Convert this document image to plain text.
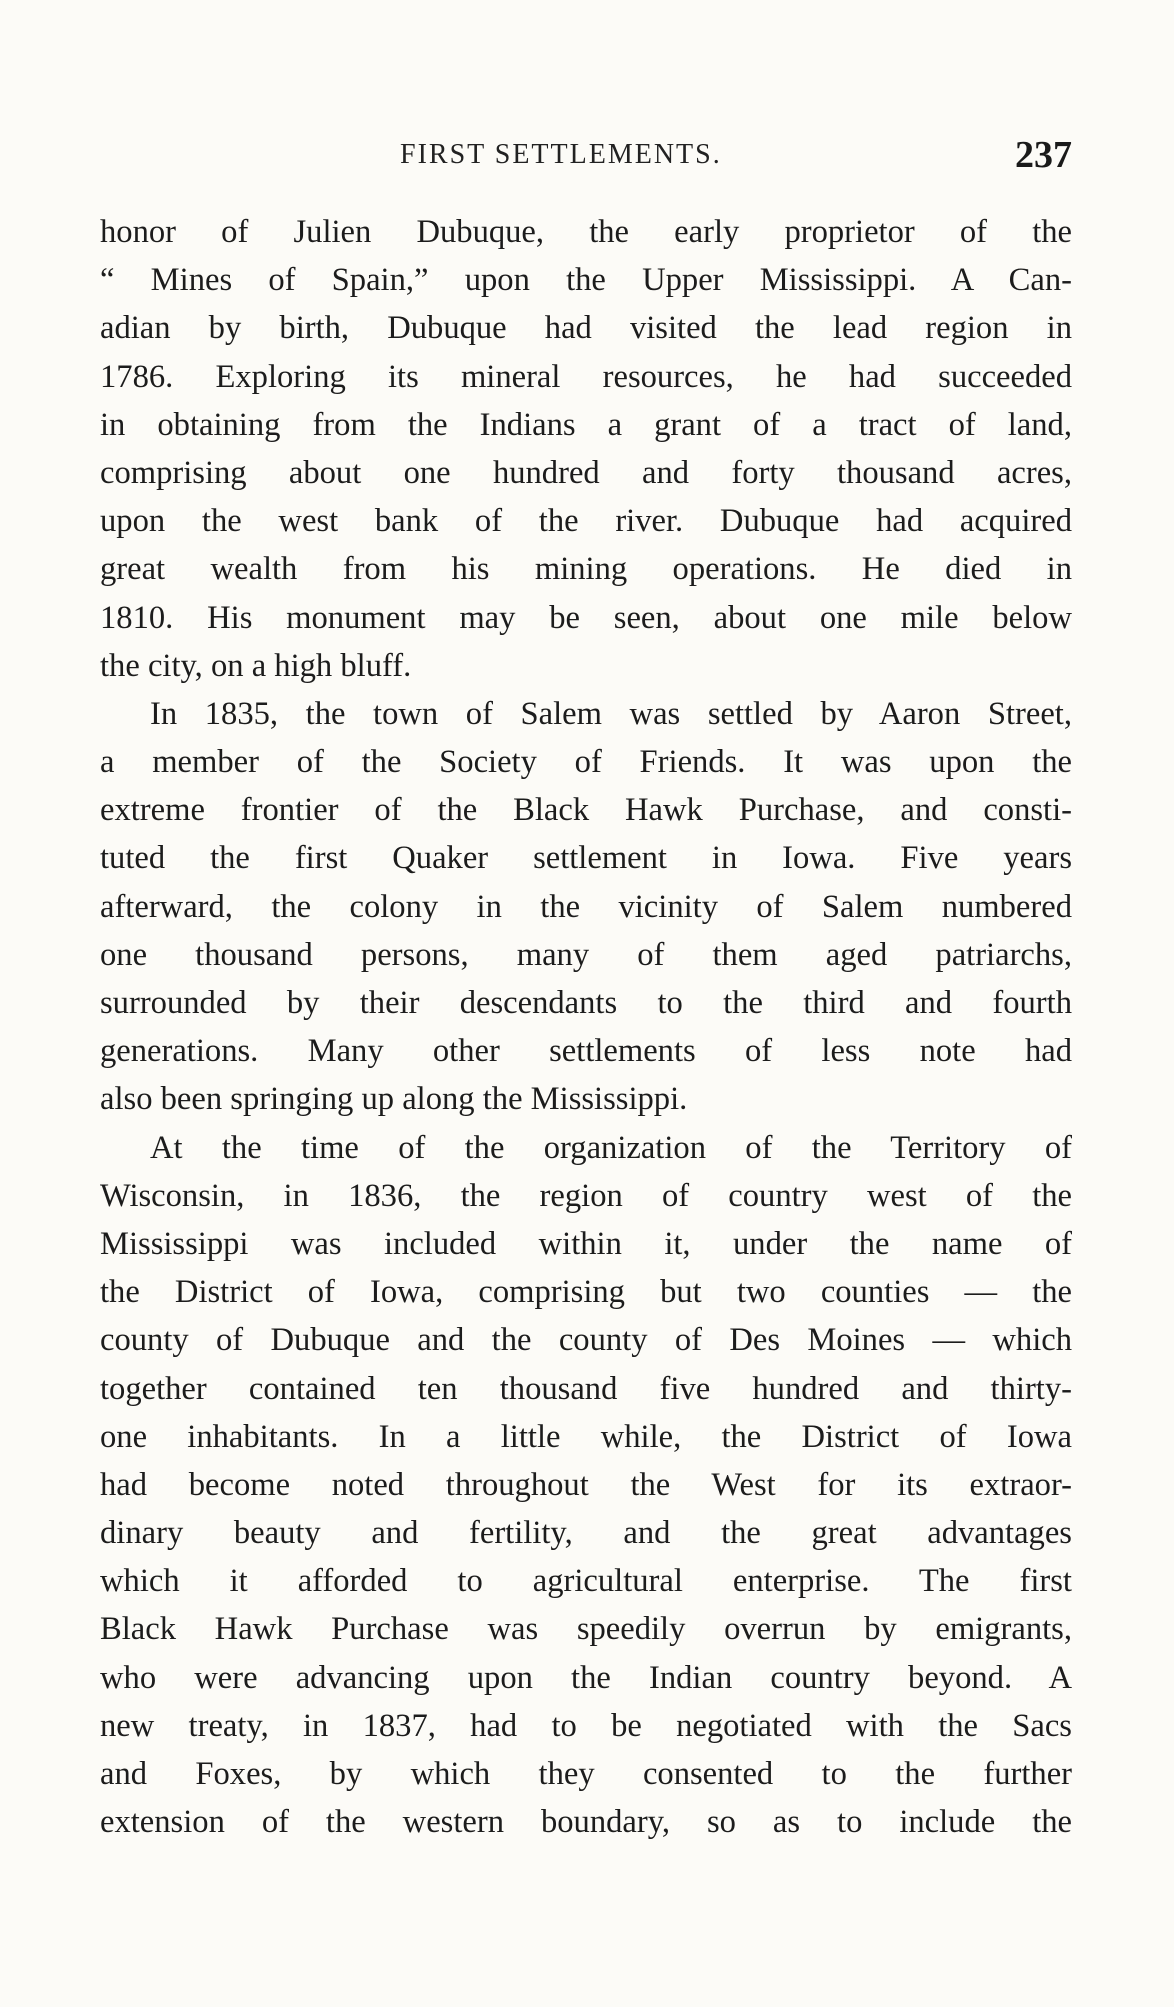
FIRST SETTLEMENTS.	237
honor of Julien Dubuque, the early proprietor of the
“ Mines of Spain,” upon the Upper Mississippi. A Can-
adian by birth, Dubuque had visited the lead region in
1786. Exploring its mineral resources, he had succeeded
in obtaining from the Indians a grant of a tract of land,
comprising about one hundred and forty thousand acres,
upon the west bank of the river. Dubuque had acquired
great wealth from his mining operations. He died in
1810. His monument may be seen, about one mile below
the city, on a high bluff.
In 1835, the town of Salem was settled by Aaron Street,
a member of the Society of Friends. It was upon the
extreme frontier of the Black Hawk Purchase, and consti-
tuted the first Quaker settlement in Iowa. Five years
afterward, the colony in the vicinity of Salem numbered
one thousand persons, many of them aged patriarchs,
surrounded by their descendants to the third and fourth
generations. Many other settlements of less note had
also been springing up along the Mississippi.
At the time of the organization of the Territory of
Wisconsin, in 1836, the region of country west of the
Mississippi was included within it, under the name of
the District of Iowa, comprising but two counties — the
county of Dubuque and the county of Des Moines — which
together contained ten thousand five hundred and thirty-
one inhabitants. In a little while, the District of Iowa
had become noted throughout the West for its extraor-
dinary beauty and fertility, and the great advantages
which it afforded to agricultural enterprise. The first
Black Hawk Purchase was speedily overrun by emigrants,
who were advancing upon the Indian country beyond. A
new treaty, in 1837, had to be negotiated with the Sacs
and Foxes, by which they consented to the further
extension of the western boundary, so as to include the
